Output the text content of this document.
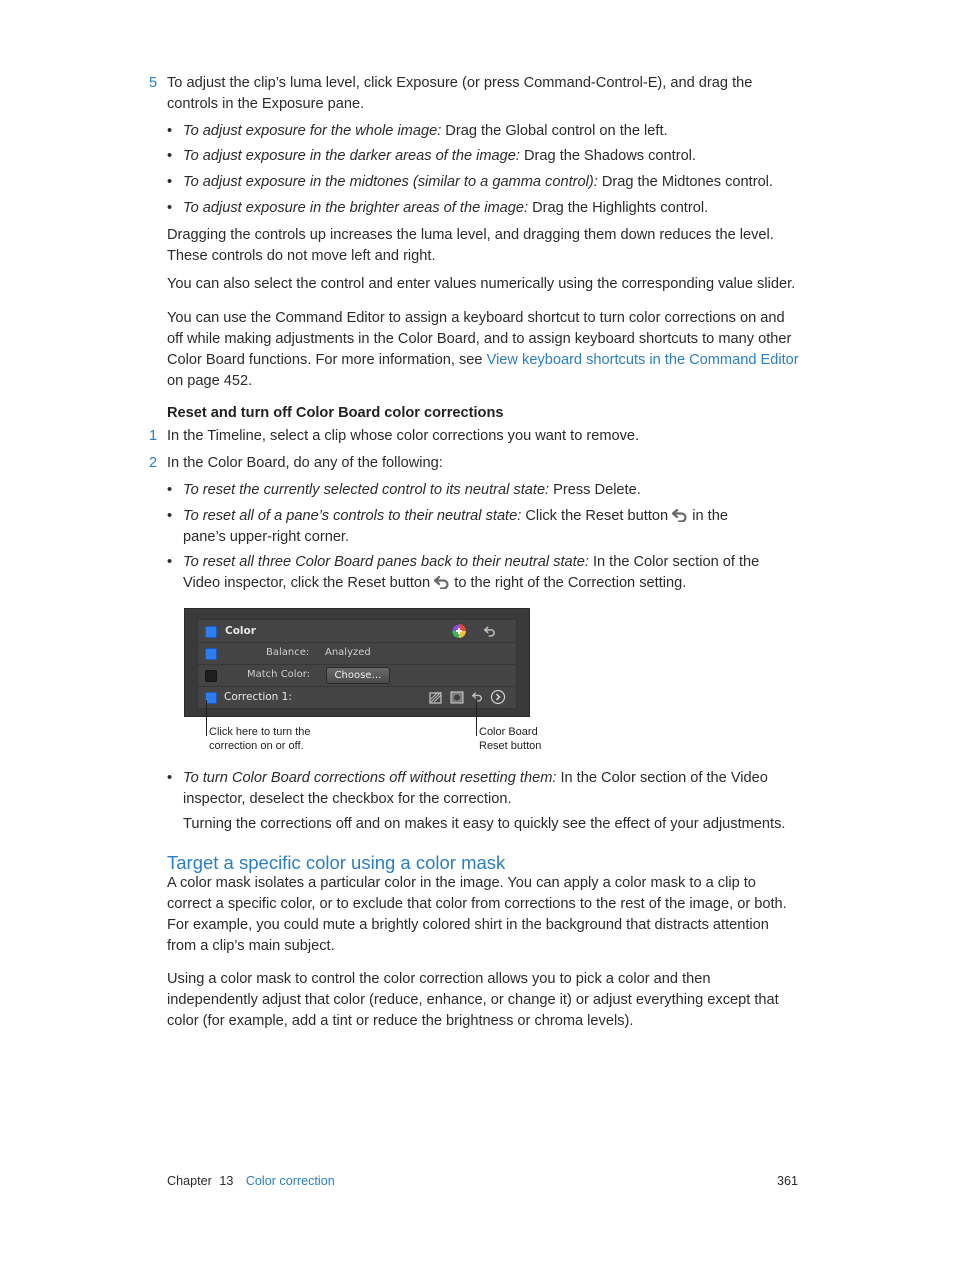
5 To adjust the clip’s luma level, click Exposure (or press Command-Control-E), and drag the controls in the Exposure pane.
• To adjust exposure for the whole image: Drag the Global control on the left.
• To adjust exposure in the darker areas of the image: Drag the Shadows control.
• To adjust exposure in the midtones (similar to a gamma control): Drag the Midtones control.
• To adjust exposure in the brighter areas of the image: Drag the Highlights control.
Dragging the controls up increases the luma level, and dragging them down reduces the level. These controls do not move left and right.
You can also select the control and enter values numerically using the corresponding value slider.
You can use the Command Editor to assign a keyboard shortcut to turn color corrections on and off while making adjustments in the Color Board, and to assign keyboard shortcuts to many other Color Board functions. For more information, see View keyboard shortcuts in the Command Editor on page 452.
Reset and turn off Color Board color corrections
1 In the Timeline, select a clip whose color corrections you want to remove.
2 In the Color Board, do any of the following:
• To reset the currently selected control to its neutral state: Press Delete.
• To reset all of a pane’s controls to their neutral state: Click the Reset button  in the pane’s upper-right corner.
• To reset all three Color Board panes back to their neutral state: In the Color section of the Video inspector, click the Reset button  to the right of the Correction setting.
Color
Balance: Analyzed
Match Color:	Choose…
Correction 1:
Click here to turn the
correction on or off.
Color Board
Reset button
• To turn Color Board corrections off without resetting them: In the Color section of the Video inspector, deselect the checkbox for the correction.
Turning the corrections off and on makes it easy to quickly see the effect of your adjustments.
Target a specific color using a color mask
A color mask isolates a particular color in the image. You can apply a color mask to a clip to correct a specific color, or to exclude that color from corrections to the rest of the image, or both. For example, you could mute a brightly colored shirt in the background that distracts attention from a clip’s main subject.
Using a color mask to control the color correction allows you to pick a color and then independently adjust that color (reduce, enhance, or change it) or adjust everything except that color (for example, add a tint or reduce the brightness or chroma levels).
Chapter 13 Color correction	361
